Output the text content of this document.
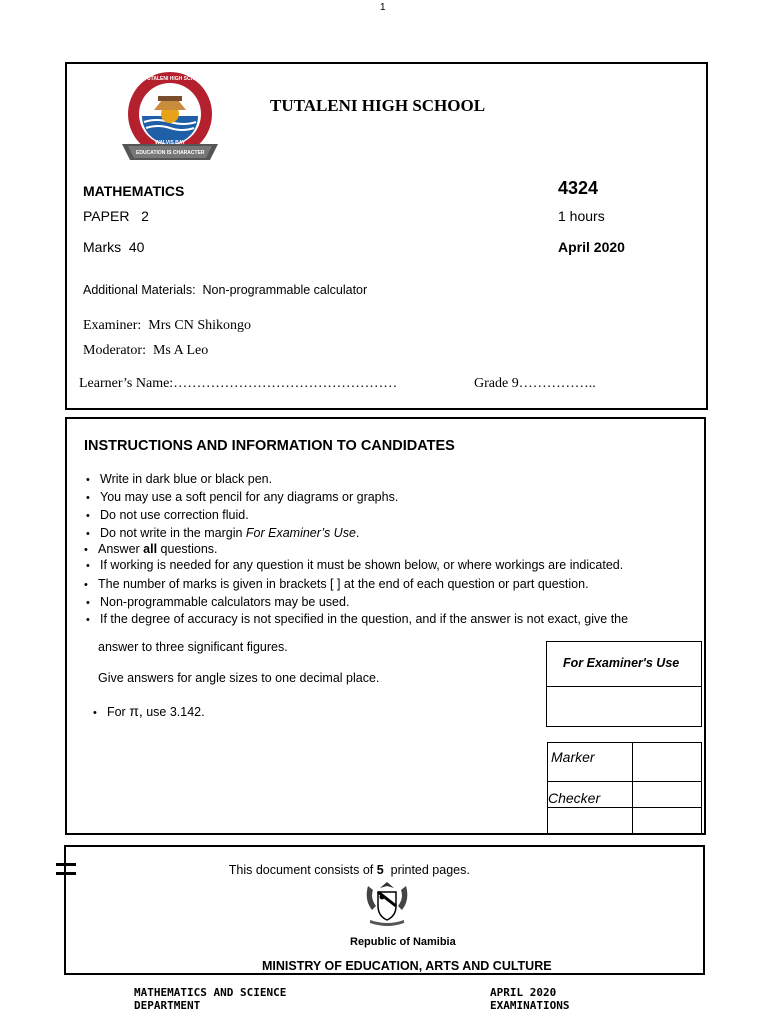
1
TUTALENI HIGH SCHOOL
WALVIS BAY
EDUCATION IS CHARACTER
TUTALENI HIGH SCHOOL
MATHEMATICS
PAPER   2
Marks  40
4324
1 hours
April 2020
Additional Materials:  Non-programmable calculator
Examiner:  Mrs CN Shikongo
Moderator:  Ms A Leo
Learner’s Name:…………………………………………	Grade 9……………..
INSTRUCTIONS AND INFORMATION TO CANDIDATES
• Write in dark blue or black pen.
• You may use a soft pencil for any diagrams or graphs.
• Do not use correction fluid.
• Do not write in the margin For Examiner’s Use.
• Answer all questions.
• If working is needed for any question it must be shown below, or where workings are indicated.
• The number of marks is given in brackets [ ] at the end of each question or part question.
• Non-programmable calculators may be used.
• If the degree of accuracy is not specified in the question, and if the answer is not exact, give the
answer to three significant figures.
Give answers for angle sizes to one decimal place.

• For π, use 3.142.

For Examiner's Use
Marker
Checker

This document consists of 5  printed pages.

Republic of Namibia
MINISTRY OF EDUCATION, ARTS AND CULTURE
MATHEMATICS AND SCIENCE
DEPARTMENT
APRIL 2020
EXAMINATIONS
